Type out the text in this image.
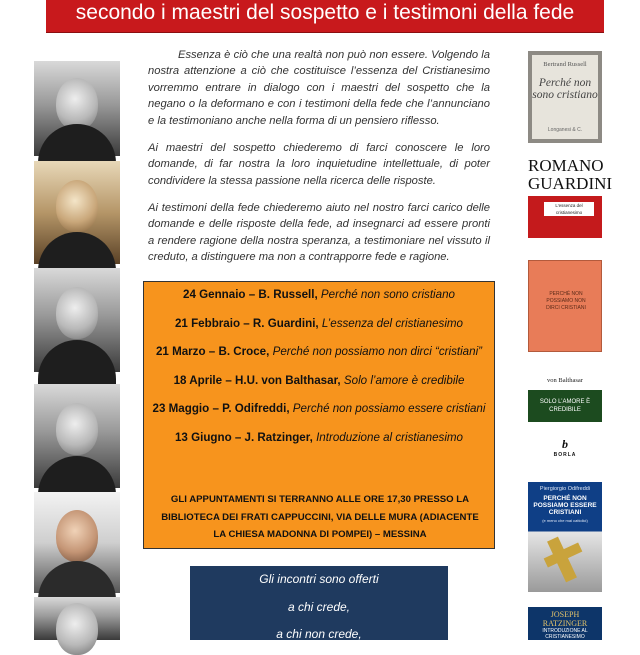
secondo i maestri del sospetto e i testimoni della fede

Essenza è ciò che una realtà non può non essere. Volgendo la nostra attenzione a ciò che costituisce l’essenza del Cristianesimo vorremmo entrare in dialogo con i maestri del sospetto che la negano o la deformano e con i testimoni della fede che l’annunciano e la testimoniano anche nella forma di un pensiero riflesso.

Ai maestri del sospetto chiederemo di farci conoscere le loro domande, di far nostra la loro inquietudine intellettuale, di poter condividere la stessa passione nella ricerca delle risposte.

Ai testimoni della fede chiederemo aiuto nel nostro farci carico delle domande e delle risposte della fede, ad insegnarci ad essere pronti a rendere ragione della nostra speranza, a testimoniare nel vissuto il creduto, a distinguere ma non a contrapporre fede e ragione.

24 Gennaio – B. Russell, Perché non sono cristiano
21 Febbraio – R. Guardini, L’essenza del cristianesimo
21 Marzo – B. Croce, Perché non possiamo non dirci “cristiani”
18 Aprile – H.U. von Balthasar, Solo l’amore è credibile
23 Maggio – P. Odifreddi, Perché non possiamo essere cristiani
13 Giugno – J. Ratzinger, Introduzione al cristianesimo
GLI APPUNTAMENTI SI TERRANNO ALLE ORE 17,30 PRESSO LA BIBLIOTECA DEI FRATI CAPPUCCINI, VIA DELLE MURA (ADIACENTE LA CHIESA MADONNA DI POMPEI) – MESSINA
Gli incontri sono offerti
a chi crede,
a chi non crede,
Bertrand Russell
Perché non sono cristiano
Longanesi & C.
ROMANO
GUARDINI
L’essenza del cristianesimo
PERCHÉ NON POSSIAMO NON DIRCI CRISTIANI
von Balthasar
SOLO L’AMORE È CREDIBILE
b
BORLA
Piergiorgio Odifreddi
PERCHÉ NON POSSIAMO ESSERE CRISTIANI
(e meno che mai cattolici)
JOSEPH RATZINGER
INTRODUZIONE AL CRISTIANESIMO
